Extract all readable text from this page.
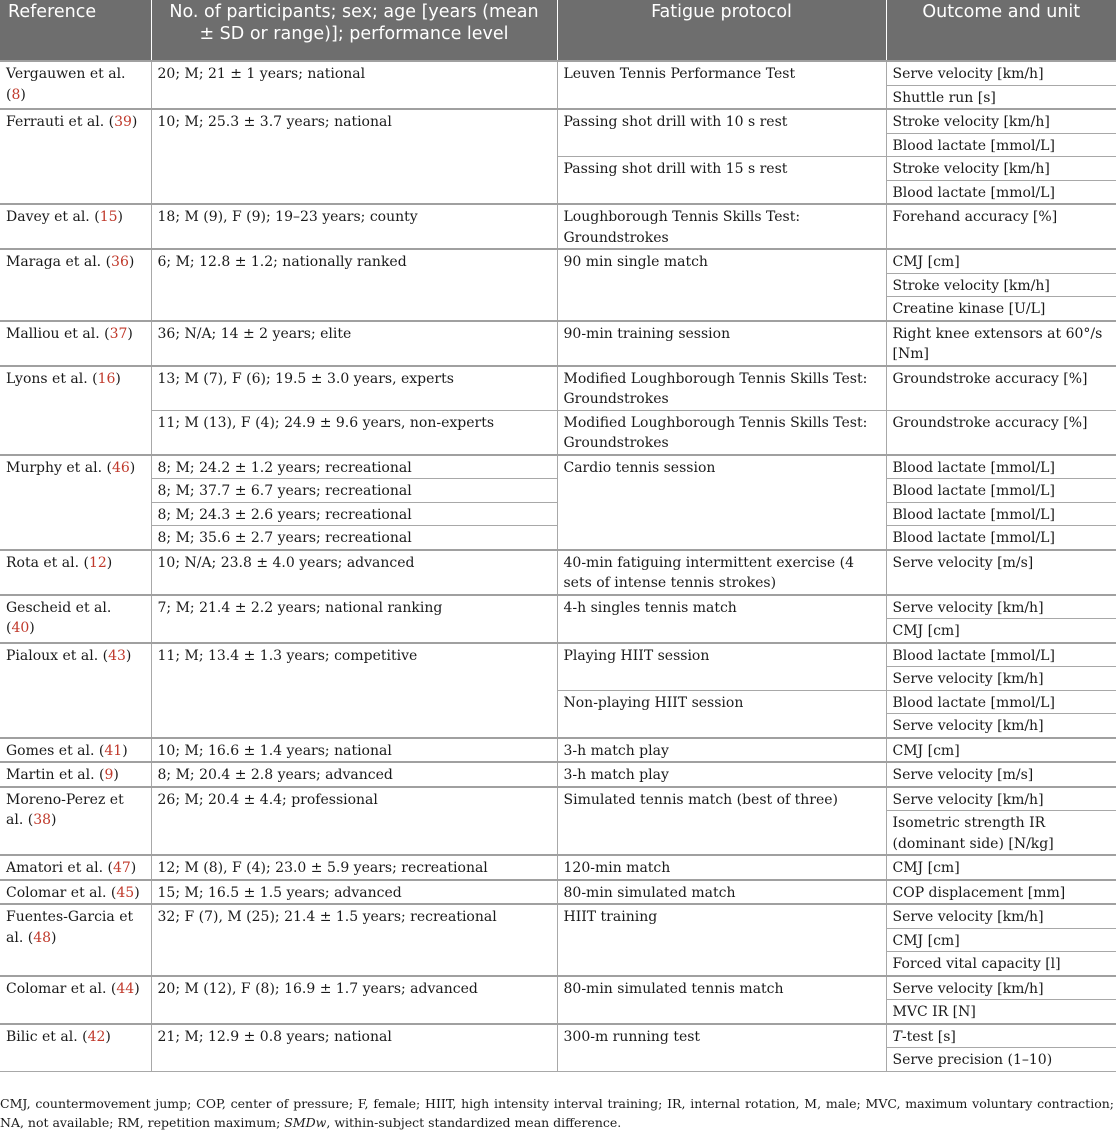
Reference	No. of participants; sex; age [years (mean ± SD or range)]; performance level	Fatigue protocol	Outcome and unit
Vergauwen et al. (8)	20; M; 21 ± 1 years; national	Leuven Tennis Performance Test	Serve velocity [km/h]
			Shuttle run [s]
Ferrauti et al. (39)	10; M; 25.3 ± 3.7 years; national	Passing shot drill with 10 s rest	Stroke velocity [km/h]
			Blood lactate [mmol/L]
		Passing shot drill with 15 s rest	Stroke velocity [km/h]
			Blood lactate [mmol/L]
Davey et al. (15)	18; M (9), F (9); 19–23 years; county	Loughborough Tennis Skills Test: Groundstrokes	Forehand accuracy [%]
Maraga et al. (36)	6; M; 12.8 ± 1.2; nationally ranked	90 min single match	CMJ [cm]
			Stroke velocity [km/h]
			Creatine kinase [U/L]
Malliou et al. (37)	36; N/A; 14 ± 2 years; elite	90-min training session	Right knee extensors at 60°/s [Nm]
Lyons et al. (16)	13; M (7), F (6); 19.5 ± 3.0 years, experts	Modified Loughborough Tennis Skills Test: Groundstrokes	Groundstroke accuracy [%]
	11; M (13), F (4); 24.9 ± 9.6 years, non-experts	Modified Loughborough Tennis Skills Test: Groundstrokes	Groundstroke accuracy [%]
Murphy et al. (46)	8; M; 24.2 ± 1.2 years; recreational	Cardio tennis session	Blood lactate [mmol/L]
	8; M; 37.7 ± 6.7 years; recreational		Blood lactate [mmol/L]
	8; M; 24.3 ± 2.6 years; recreational		Blood lactate [mmol/L]
	8; M; 35.6 ± 2.7 years; recreational		Blood lactate [mmol/L]
Rota et al. (12)	10; N/A; 23.8 ± 4.0 years; advanced	40-min fatiguing intermittent exercise (4 sets of intense tennis strokes)	Serve velocity [m/s]
Gescheid et al. (40)	7; M; 21.4 ± 2.2 years; national ranking	4-h singles tennis match	Serve velocity [km/h]
			CMJ [cm]
Pialoux et al. (43)	11; M; 13.4 ± 1.3 years; competitive	Playing HIIT session	Blood lactate [mmol/L]
			Serve velocity [km/h]
		Non-playing HIIT session	Blood lactate [mmol/L]
			Serve velocity [km/h]
Gomes et al. (41)	10; M; 16.6 ± 1.4 years; national	3-h match play	CMJ [cm]
Martin et al. (9)	8; M; 20.4 ± 2.8 years; advanced	3-h match play	Serve velocity [m/s]
Moreno-Perez et al. (38)	26; M; 20.4 ± 4.4; professional	Simulated tennis match (best of three)	Serve velocity [km/h]
			Isometric strength IR (dominant side) [N/kg]
Amatori et al. (47)	12; M (8), F (4); 23.0 ± 5.9 years; recreational	120-min match	CMJ [cm]
Colomar et al. (45)	15; M; 16.5 ± 1.5 years; advanced	80-min simulated match	COP displacement [mm]
Fuentes-Garcia et al. (48)	32; F (7), M (25); 21.4 ± 1.5 years; recreational	HIIT training	Serve velocity [km/h]
			CMJ [cm]
			Forced vital capacity [l]
Colomar et al. (44)	20; M (12), F (8); 16.9 ± 1.7 years; advanced	80-min simulated tennis match	Serve velocity [km/h]
			MVC IR [N]
Bilic et al. (42)	21; M; 12.9 ± 0.8 years; national	300-m running test	T-test [s]
			Serve precision (1–10)
CMJ, countermovement jump; COP, center of pressure; F, female; HIIT, high intensity interval training; IR, internal rotation, M, male; MVC, maximum voluntary contraction; NA, not available; RM, repetition maximum; SMDw, within-subject standardized mean difference.
